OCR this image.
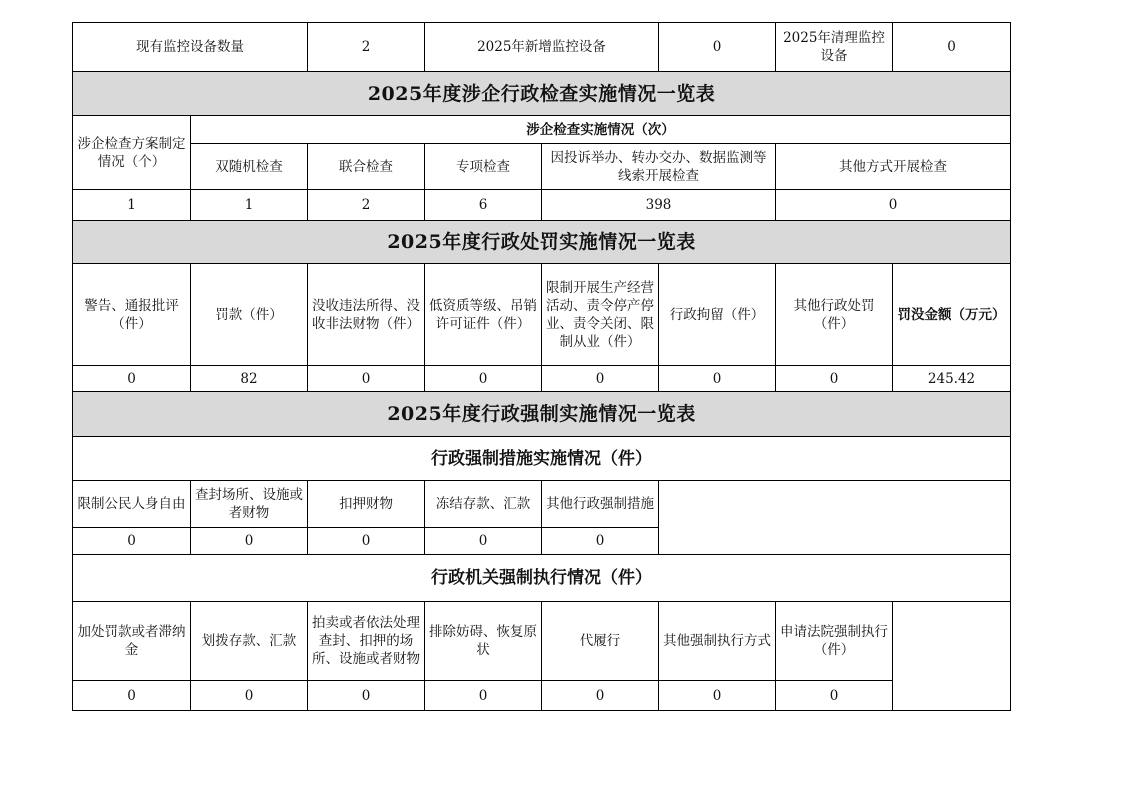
现有监控设备数量		2	2025年新增监控设备		0	2025年清理监控设备	0
2025年度涉企行政检查实施情况一览表							
涉企检查方案制定情况（个）	涉企检查实施情况（次）						
	双随机检查	联合检查	专项检查	因投诉举办、转办交办、数据监测等线索开展检查		其他方式开展检查	
1	1	2	6	398		0	
2025年度行政处罚实施情况一览表							
警告、通报批评（件）	罚款（件）	没收违法所得、没收非法财物（件）	低资质等级、吊销许可证件（件）	限制开展生产经营活动、责令停产停业、责令关闭、限制从业（件）	行政拘留（件）	其他行政处罚（件）	罚没金额（万元）
0	82	0	0	0	0	0	245.42
2025年度行政强制实施情况一览表							
行政强制措施实施情况（件）							
限制公民人身自由	查封场所、设施或者财物	扣押财物	冻结存款、汇款	其他行政强制措施			
0	0	0	0	0			
行政机关强制执行情况（件）							
加处罚款或者滞纳金	划拨存款、汇款	拍卖或者依法处理查封、扣押的场所、设施或者财物	排除妨碍、恢复原状	代履行	其他强制执行方式	申请法院强制执行（件）	
0	0	0	0	0	0	0	
